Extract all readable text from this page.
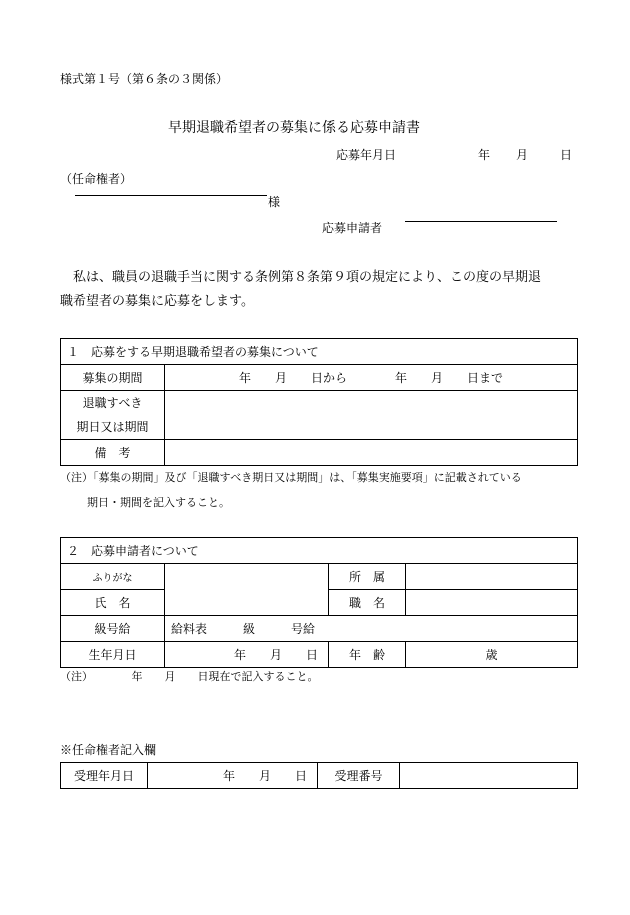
様式第１号（第６条の３関係）
早期退職希望者の募集に係る応募申請書
応募年月日	年 月	日
（任命権者）
様
応募申請者
私は、職員の退職手当に関する条例第８条第９項の規定により、この度の早期退
職希望者の募集に応募をします。
１　応募をする早期退職希望者の募集について	
募集の期間	年　　月　　日から　　　　年　　月　　日まで

退職すべき
期日又は期間	

備　考	
（注）「募集の期間」及び「退職すべき期日又は期間」は、「募集実施要項」に記載されている
期日・期間を記入すること。
２　応募申請者について			
ふりがな		所　属	
氏　名		職　名	
級号給	給料表　　　級　　　号給		
生年月日	年　　月　　日	年　齢	歳
（注）　　　　年　　月　　日現在で記入すること。
※任命権者記入欄
受理年月日	年　　月　　日	受理番号	
